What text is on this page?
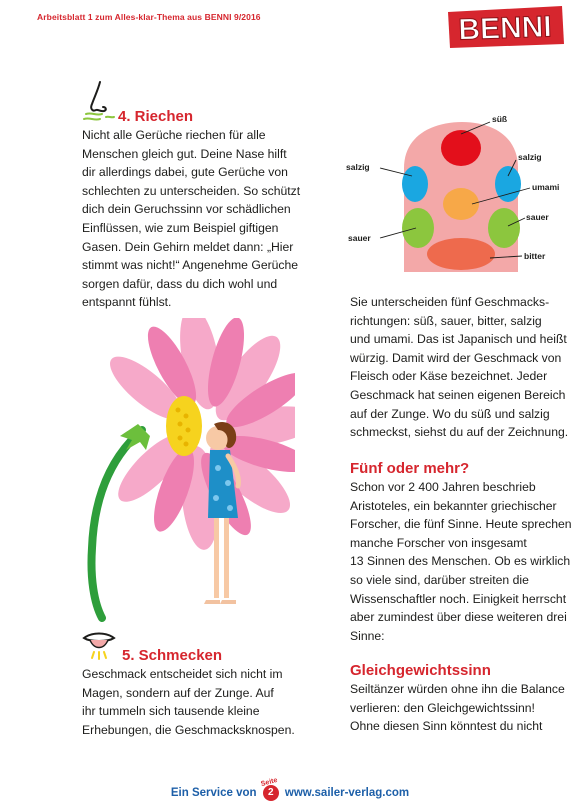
Arbeitsblatt 1 zum Alles-klar-Thema aus BENNI 9/2016	BENNI
4. Riechen
Nicht alle Gerüche riechen für alle
Menschen gleich gut. Deine Nase hilft
dir allerdings dabei, gute Gerüche von
schlechten zu unterscheiden. So schützt
dich dein Geruchssinn vor schädlichen
Einflüssen, wie zum Beispiel giftigen
Gasen. Dein Gehirn meldet dann: „Hier
stimmt was nicht!“ Angenehme Gerüche
sorgen dafür, dass du dich wohl und
entspannt fühlst.
5. Schmecken
Geschmack entscheidet sich nicht im
Magen, sondern auf der Zunge. Auf
ihr tummeln sich tausende kleine
Erhebungen, die Geschmacksknospen.
süß
salzig
salzig
umami
sauer
sauer
bitter
Sie unterscheiden fünf Geschmacks-
richtungen: süß, sauer, bitter, salzig
und umami. Das ist Japanisch und heißt
würzig. Damit wird der Geschmack von
Fleisch oder Käse bezeichnet. Jeder
Geschmack hat seinen eigenen Bereich
auf der Zunge. Wo du süß und salzig
schmeckst, siehst du auf der Zeichnung.
Fünf oder mehr?
Schon vor 2 400 Jahren beschrieb
Aristoteles, ein bekannter griechischer
Forscher, die fünf Sinne. Heute sprechen
manche Forscher von insgesamt
13 Sinnen des Menschen. Ob es wirklich
so viele sind, darüber streiten die
Wissenschaftler noch. Einigkeit herrscht
aber zumindest über diese weiteren drei
Sinne:
Gleichgewichtssinn
Seiltänzer würden ohne ihn die Balance
verlieren: den Gleichgewichtssinn!
Ohne diesen Sinn könntest du nicht
Ein Service von
Seite
2 www.sailer-verlag.com
